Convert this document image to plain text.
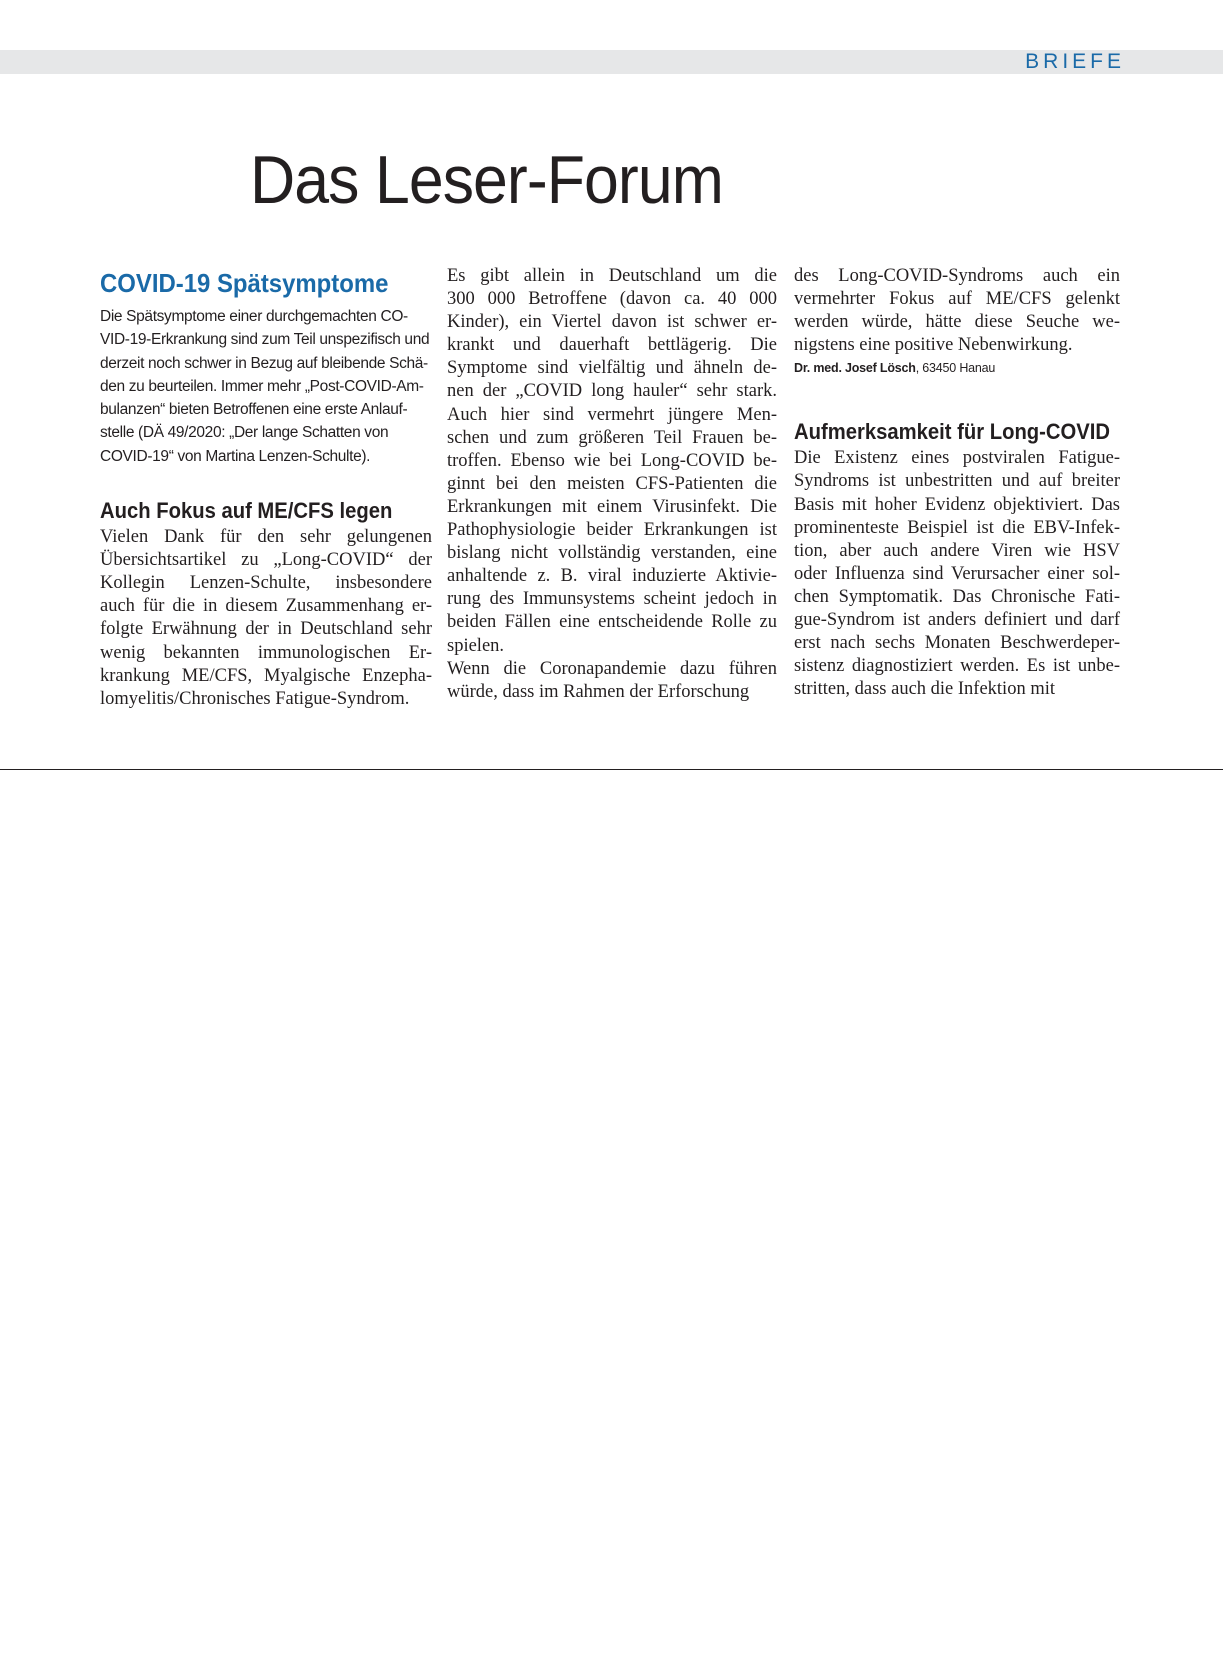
BRIEFE
Das Leser-Forum
COVID-19 Spätsymptome

Die Spätsymptome einer durchgemachten CO-
VID-19-Erkrankung sind zum Teil unspezifisch und
derzeit noch schwer in Bezug auf bleibende Schä-
den zu beurteilen. Immer mehr „Post-COVID-Am-
bulanzen“ bieten Betroffenen eine erste Anlauf-
stelle (DÄ 49/2020: „Der lange Schatten von
COVID-19“ von Martina Lenzen-Schulte).

Auch Fokus auf ME/CFS legen
Vielen Dank für den sehr gelungenen
Übersichtsartikel zu „Long-COVID“ der
Kollegin Lenzen-Schulte, insbesondere
auch für die in diesem Zusammenhang er-
folgte Erwähnung der in Deutschland sehr
wenig bekannten immunologischen Er-
krankung ME/CFS, Myalgische Enzepha-
lomyelitis/Chronisches Fatigue-Syndrom.
Es gibt allein in Deutschland um die
300 000 Betroffene (davon ca. 40 000
Kinder), ein Viertel davon ist schwer er-
krankt und dauerhaft bettlägerig. Die
Symptome sind vielfältig und ähneln de-
nen der „COVID long hauler“ sehr stark.
Auch hier sind vermehrt jüngere Men-
schen und zum größeren Teil Frauen be-
troffen. Ebenso wie bei Long-COVID be-
ginnt bei den meisten CFS-Patienten die
Erkrankungen mit einem Virusinfekt. Die
Pathophysiologie beider Erkrankungen ist
bislang nicht vollständig verstanden, eine
anhaltende z. B. viral induzierte Aktivie-
rung des Immunsystems scheint jedoch in
beiden Fällen eine entscheidende Rolle zu
spielen.
Wenn die Coronapandemie dazu führen
würde, dass im Rahmen der Erforschung
des Long-COVID-Syndroms auch ein
vermehrter Fokus auf ME/CFS gelenkt
werden würde, hätte diese Seuche we-
nigstens eine positive Nebenwirkung.

Dr. med. Josef Lösch, 63450 Hanau

Aufmerksamkeit für Long-COVID
Die Existenz eines postviralen Fatigue-
Syndroms ist unbestritten und auf breiter
Basis mit hoher Evidenz objektiviert. Das
prominenteste Beispiel ist die EBV-Infek-
tion, aber auch andere Viren wie HSV
oder Influenza sind Verursacher einer sol-
chen Symptomatik. Das Chronische Fati-
gue-Syndrom ist anders definiert und darf
erst nach sechs Monaten Beschwerdeper-
sistenz diagnostiziert werden. Es ist unbe-
stritten, dass auch die Infektion mit
